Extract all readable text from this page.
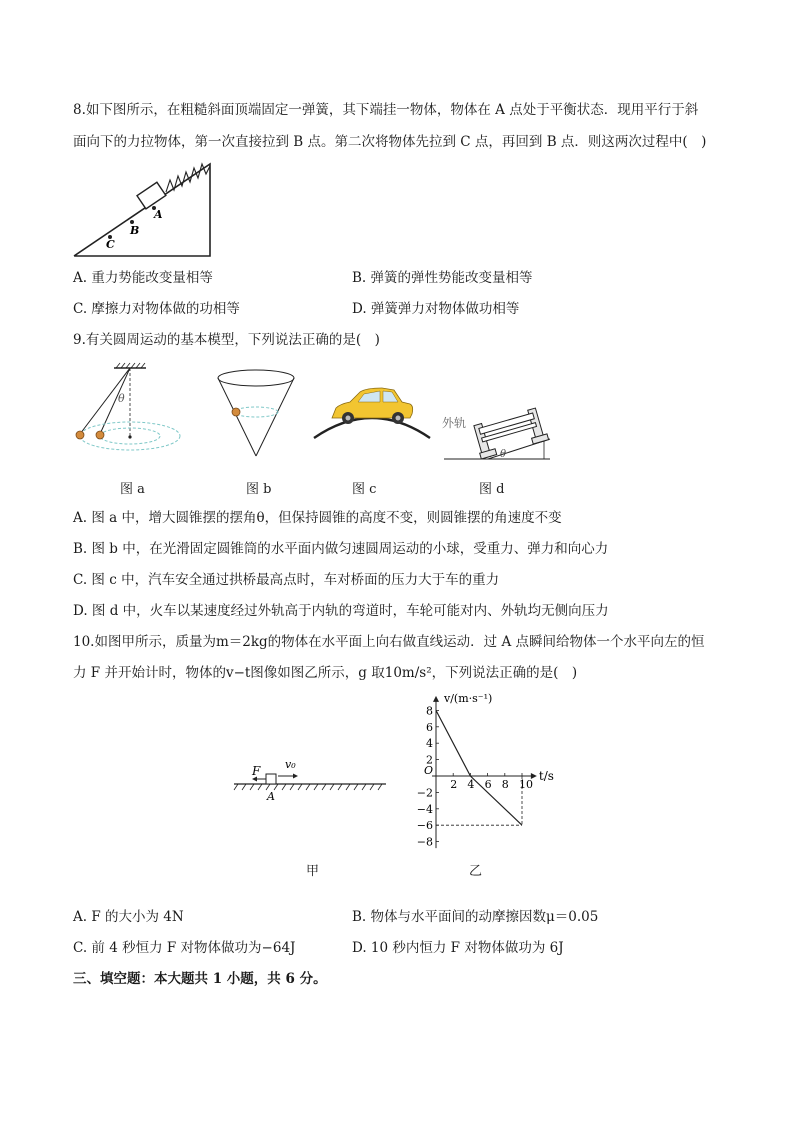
8.如下图所示，在粗糙斜面顶端固定一弹簧，其下端挂一物体，物体在 A 点处于平衡状态．现用平行于斜
面向下的力拉物体，第一次直接拉到 B 点。第二次将物体先拉到 C 点，再回到 B 点．则这两次过程中(　)
A
B
C
A. 重力势能改变量相等	B. 弹簧的弹性势能改变量相等
C. 摩擦力对物体做的功相等	D. 弹簧弹力对物体做功相等
9.有关圆周运动的基本模型，下列说法正确的是(　)
θ
外轨
θ
图 a	图 b	图 c	图 d
A. 图 a 中，增大圆锥摆的摆角θ，但保持圆锥的高度不变，则圆锥摆的角速度不变
B. 图 b 中，在光滑固定圆锥筒的水平面内做匀速圆周运动的小球，受重力、弹力和向心力
C. 图 c 中，汽车安全通过拱桥最高点时，车对桥面的压力大于车的重力
D. 图 d 中，火车以某速度经过外轨高于内轨的弯道时，车轮可能对内、外轨均无侧向压力
10.如图甲所示，质量为m＝2kg的物体在水平面上向右做直线运动．过 A 点瞬间给物体一个水平向左的恒
力 F 并开始计时，物体的v−t图像如图乙所示，g 取10m/s²，下列说法正确的是(　)
F v₀
A
甲
8
6
4
2
−2
−4
−6
−8
2 4 6 8 10
O	t/s
v/(m·s⁻¹)
乙
A. F 的大小为 4N	B. 物体与水平面间的动摩擦因数μ＝0.05
C. 前 4 秒恒力 F 对物体做功为−64J	D. 10 秒内恒力 F 对物体做功为 6J
三、填空题：本大题共 1 小题，共 6 分。
